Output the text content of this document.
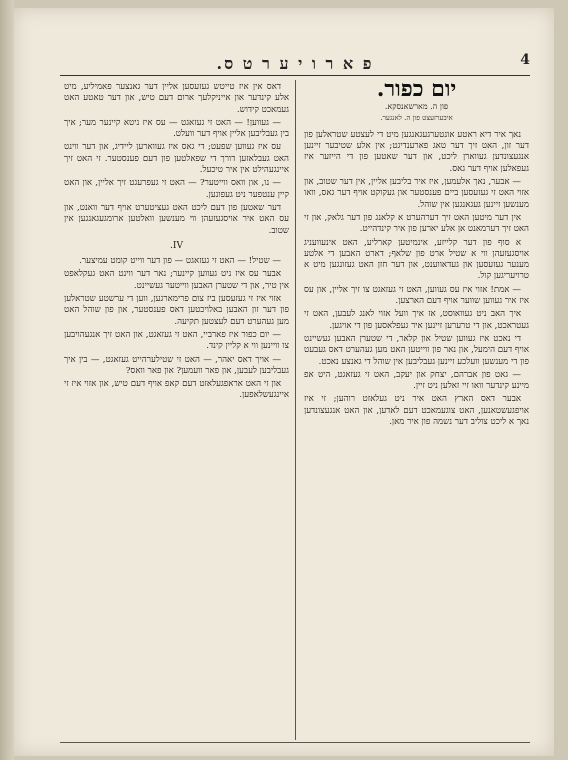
פ א ר ו י ע ר ט ס.	4
יום כפור.
פון ה. מארשאנסקא.
איבערזעצט פון ה. לאנגער.

נאך איר דיא ראטע אונטערגעגאנגען מיט די לעצטע שטראלען פון דער זון, האט זיך דער טאג פארענדיגט; אין אלע שטיבער זיינען אנגעצונדען געווארן ליכט, און דער שאטען פון די הייזער איז געפאלען אויף דער גאס.

— אבער, נאך אלעמען, איז איר בליבען אליין, אין דער שטוב, און אזוי האט זי געזעסען ביים פענסטער און געקוקט אויף דער גאס, וואו מענשען זיינען געגאנגען אין שוהל.

אין דער מיטען האט זיך דערהערט א קלאנג פון דער גלאק, און זי האט זיך דערמאנט אן אלע יארען פון איר קינדהייט.

א סוף פון דער קלייזע, אינמיטען קארליע, האט אינעוועניג אויסגעזעהן ווי א שטיל ארט פון שלאף; דארט האבען די אלטע מענער געזעסען און געדאווענט, און דער חזן האט געזונגען מיט א טרויעריגען קול.

— אמת! אזוי איז עס געווען, האט זי געזאגט צו זיך אליין, און עס איז איר געווען שווער אויף דעם הארצען.

איך האב ניט געוואוסט, אז איך וועל אזוי לאנג לעבען, האט זי געטראכט, און די טרערען זיינען איר געפלאסען פון די אויגען.

די נאכט איז געווען שטיל און קלאר, די שטערן האבען געשיינט אויף דעם הימעל, און נאר פון ווייטען האט מען געהערט דאס געבעט פון די מענשען וועלכע זיינען געבליבען אין שוהל די גאנצע נאכט.

— גאט פון אברהם, יצחק און יעקב, האט זי געזאגט, היט אפ מיינע קינדער וואו זיי זאלען ניט זיין.

אבער דאס הארץ האט איר ניט געלאזט רוהען; זי איז אויפגעשטאנען, האט צוגעמאכט דעם לאדען, און האט אנגעצונדען נאך א ליכט צוליב דער נשמה פון איר מאן.

דאס אין איז טייטש געזעסען אליין דער גאנצער פאמיליע, מיט אלע קינדער און אייניקלעך ארום דעם טיש, און דער טאטע האט געמאכט קידוש.

— געווען! — האט זי געזאגט — עס איז ניטא קיינער מער; איך בין געבליבען אליין אויף דער וועלט.

עס איז געווען שפעט; די גאס איז געווארען ליידיג, און דער ווינט האט געבלאזען דורך די שפאלטען פון דעם פענסטער. זי האט זיך איינגעהילט אין איר טיכעל.

— נו, און וואס ווייטער? — האט זי געפרעגט זיך אליין, און האט קיין ענטפער ניט געפונען.

דער שאטען פון דעם ליכט האט געציטערט אויף דער וואנט, און עס האט איר אויסגעזעהן ווי מענשען וואלטען ארומגעגאנגען אין שטוב.

IV.

— שטיל! — האט זי געזאגט — פון דער ווייט קומט עמיצער.

אבער עס איז ניט געווען קיינער; נאר דער ווינט האט געקלאפט אין טיר, און די שטערן האבען ווייטער געשיינט.

אזוי איז זי געזעסען ביז צום פרימארגען, ווען די ערשטע שטראלען פון דער זון האבען באלויכטען דאס פענסטער, און פון שוהל האט מען געהערט דעם לעצטען תקיעה.

— יום כפור איז פארביי, האט זי געזאגט, און האט זיך אנגעהויבען צו וויינען ווי א קליין קינד.

— אויך דאס יאהר, — האט זי שטילערהייט געזאגט, — בין איך געבליבען לעבען, און פאר וועמען? און פאר וואס?

און זי האט אראפגעלאזט דעם קאפ אויף דעם טיש, און אזוי איז זי איינגעשלאפען.
